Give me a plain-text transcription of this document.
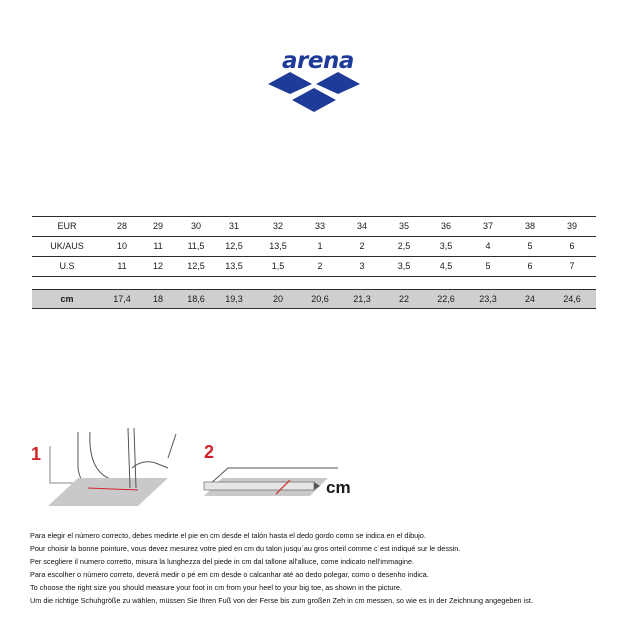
arena
EUR	28	29	30	31	32	33	34	35	36	37	38	39
UK/AUS	10	11	11,5	12,5	13,5	1	2	2,5	3,5	4	5	6
U.S	11	12	12,5	13,5	1,5	2	3	3,5	4,5	5	6	7
cm	17,4	18	18,6	19,3	20	20,6	21,3	22	22,6	23,3	24	24,6
1	2
cm

Para elegir el número correcto, debes medirte el pie en cm desde el talón hasta el dedo gordo como se indica en el dibujo.

Pour choisir la bonne pointure, vous devez mesurez votre pied en cm du talon jusqu´au gros orteil comme c´est indiqué sur le dessin.

Per scegliere il numero corretto, misura la lunghezza del piede in cm dal tallone all'alluce, come indicato nell'immagine.

Para escolher o número correto, deverá medir o pé em cm desde o calcanhar até ao dedo polegar, como o desenho indica.

To choose the right size you should measure your foot in cm from your heel to your big toe, as shown in the picture.

Um die richtige Schuhgröße zu wählen, müssen Sie Ihren Fuß von der Ferse bis zum großen Zeh in cm messen, so wie es in der Zeichnung angegeben ist.
